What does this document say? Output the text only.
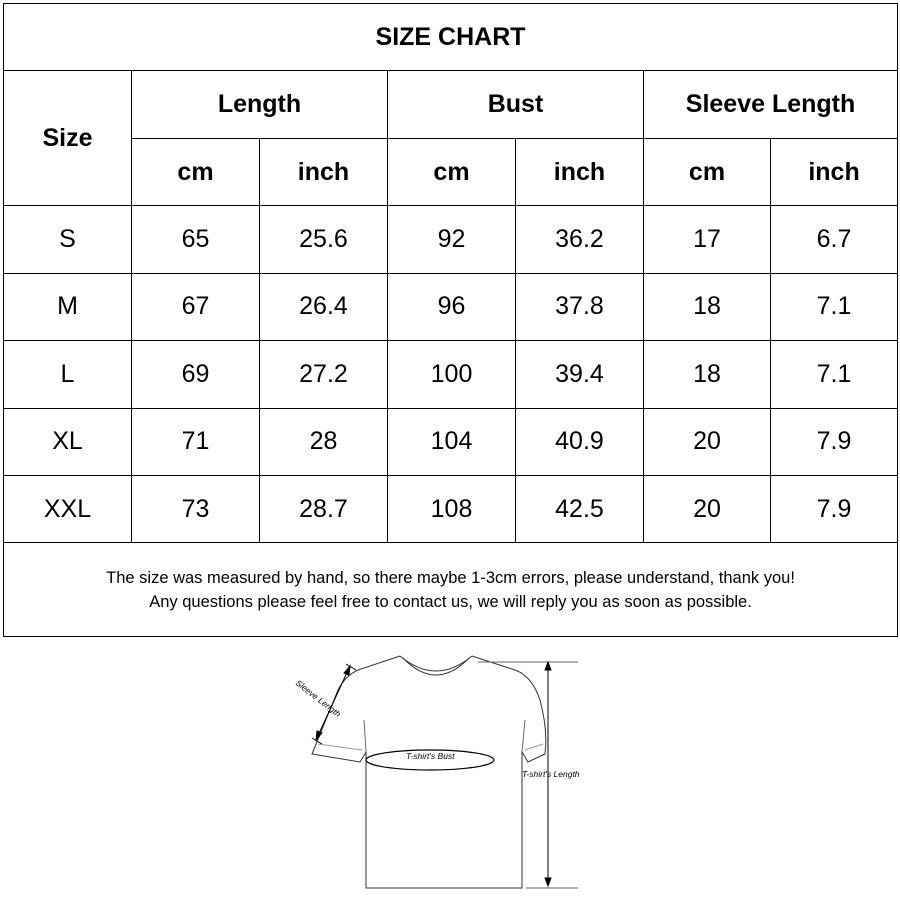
SIZE CHART						
Size	Length		Bust		Sleeve Length	
	cm	inch	cm	inch	cm	inch
S	65	25.6	92	36.2	17	6.7
M	67	26.4	96	37.8	18	7.1
L	69	27.2	100	39.4	18	7.1
XL	71	28	104	40.9	20	7.9
XXL	73	28.7	108	42.5	20	7.9

The size was measured by hand, so there maybe 1-3cm errors, please understand, thank you!
Any questions please feel free to contact us, we will reply you as soon as possible.						
Sleeve Length
T-shirt's Bust
T-shirt's Length
